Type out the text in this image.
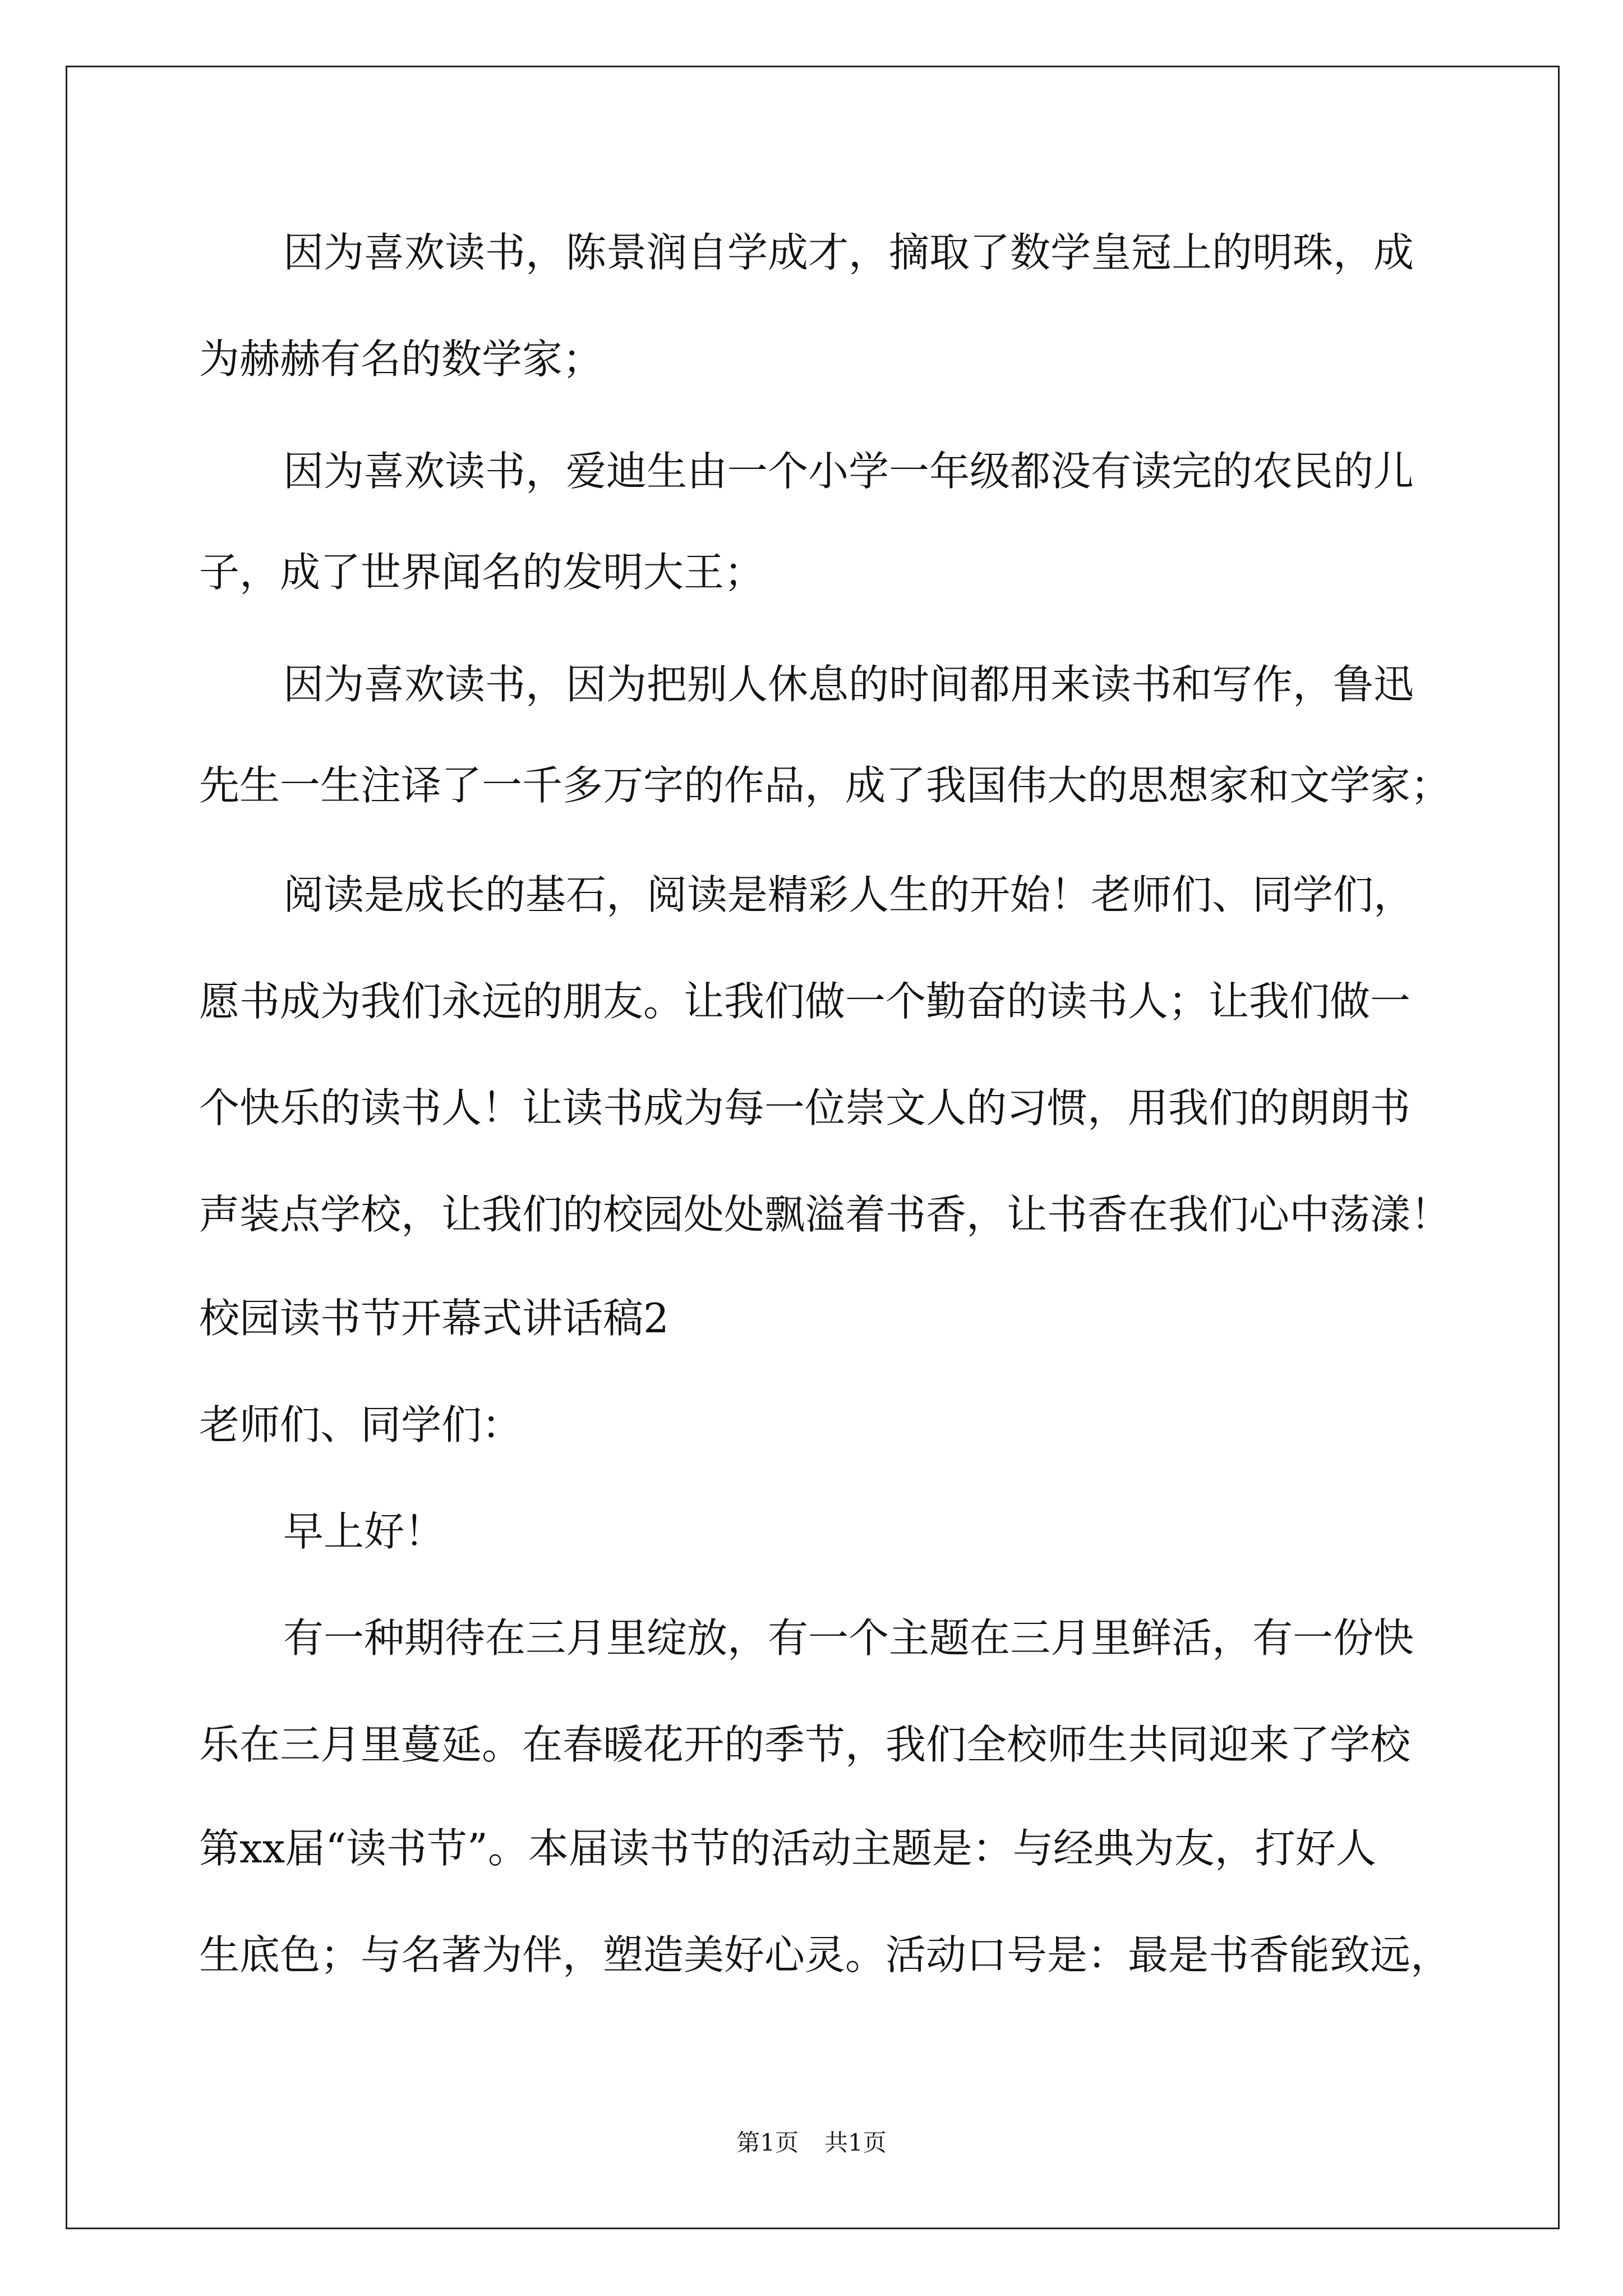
因为喜欢读书，陈景润自学成才，摘取了数学皇冠上的明珠，成
为赫赫有名的数学家；
因为喜欢读书，爱迪生由一个小学一年级都没有读完的农民的儿
子，成了世界闻名的发明大王；
因为喜欢读书，因为把别人休息的时间都用来读书和写作，鲁迅
先生一生注译了一千多万字的作品，成了我国伟大的思想家和文学家；
阅读是成长的基石，阅读是精彩人生的开始！老师们、同学们，
愿书成为我们永远的朋友。让我们做一个勤奋的读书人；让我们做一
个快乐的读书人！让读书成为每一位崇文人的习惯，用我们的朗朗书
声装点学校，让我们的校园处处飘溢着书香，让书香在我们心中荡漾！
校园读书节开幕式讲话稿2
老师们、同学们：
早上好！
有一种期待在三月里绽放，有一个主题在三月里鲜活，有一份快
乐在三月里蔓延。在春暖花开的季节，我们全校师生共同迎来了学校
第xx届“读书节”。本届读书节的活动主题是：与经典为友，打好人
生底色；与名著为伴，塑造美好心灵。活动口号是：最是书香能致远，
第1页 共1页
